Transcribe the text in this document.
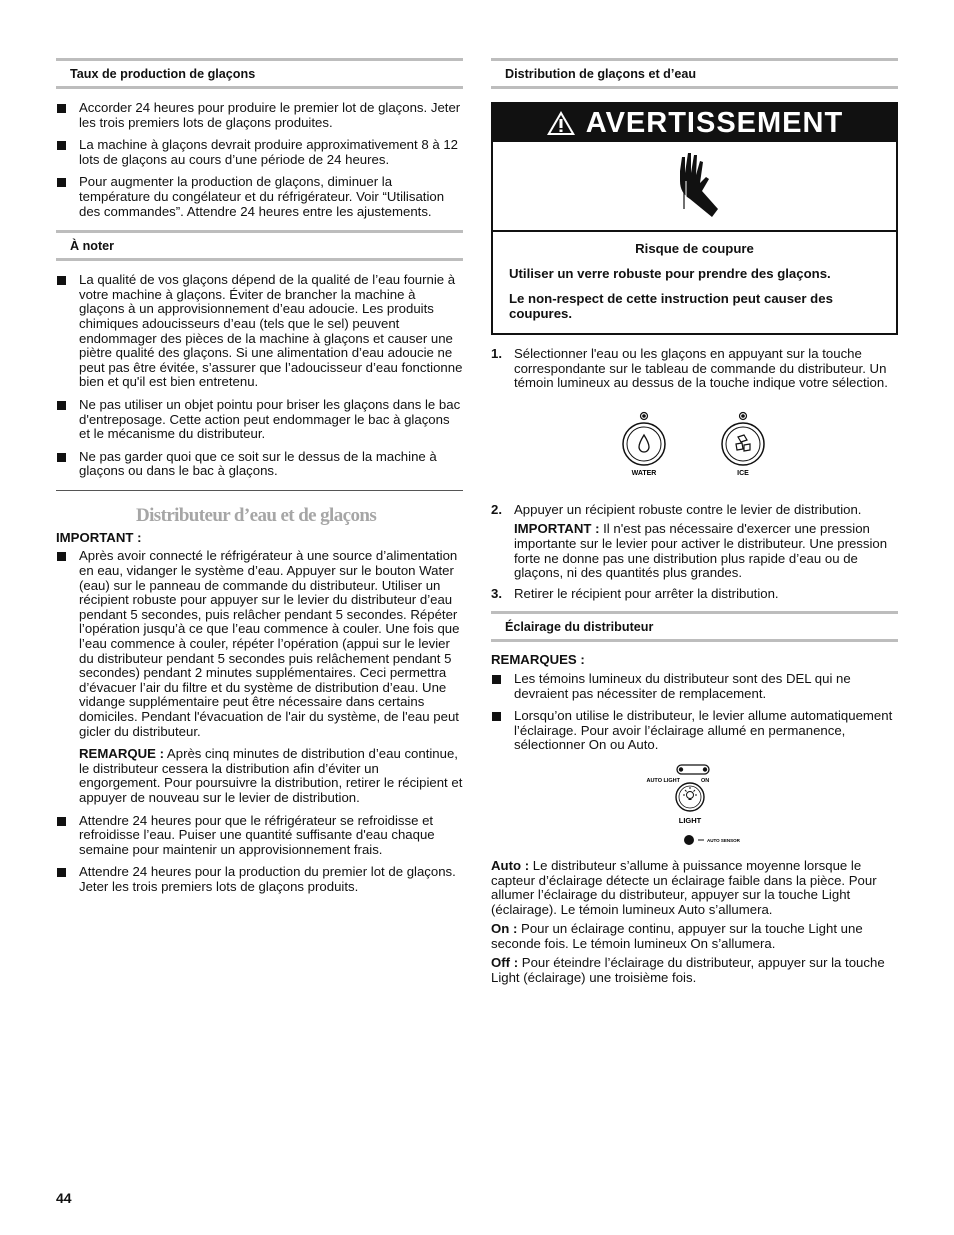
Taux de production de glaçons
Accorder 24 heures pour produire le premier lot de glaçons. Jeter les trois premiers lots de glaçons produites.
La machine à glaçons devrait produire approximativement 8 à 12 lots de glaçons au cours d’une période de 24 heures.
Pour augmenter la production de glaçons, diminuer la température du congélateur et du réfrigérateur. Voir “Utilisation des commandes”. Attendre 24 heures entre les ajustements.
À noter
La qualité de vos glaçons dépend de la qualité de l’eau fournie à votre machine à glaçons. Éviter de brancher la machine à glaçons à un approvisionnement d’eau adoucie. Les produits chimiques adoucisseurs d’eau (tels que le sel) peuvent endommager des pièces de la machine à glaçons et causer une piètre qualité des glaçons. Si une alimentation d’eau adoucie ne peut pas être évitée, s’assurer que l’adoucisseur d’eau fonctionne bien et qu'il est bien entretenu.
Ne pas utiliser un objet pointu pour briser les glaçons dans le bac d'entreposage. Cette action peut endommager le bac à glaçons et le mécanisme du distributeur.
Ne pas garder quoi que ce soit sur le dessus de la machine à glaçons ou dans le bac à glaçons.
Distributeur d’eau et de glaçons
IMPORTANT :
Après avoir connecté le réfrigérateur à une source d’alimentation en eau, vidanger le système d’eau. Appuyer sur le bouton Water (eau) sur le panneau de commande du distributeur. Utiliser un récipient robuste pour appuyer sur le levier du distributeur d’eau pendant 5 secondes, puis relâcher pendant 5 secondes. Répéter l’opération jusqu’à ce que l’eau commence à couler. Une fois que l’eau commence à couler, répéter l’opération (appui sur le levier du distributeur pendant 5 secondes puis relâchement pendant 5 secondes) pendant 2 minutes supplémentaires. Ceci permettra d’évacuer l’air du filtre et du système de distribution d’eau. Une vidange supplémentaire peut être nécessaire dans certains domiciles. Pendant l'évacuation de l'air du système, de l'eau peut gicler du distributeur.

REMARQUE : Après cinq minutes de distribution d’eau continue, le distributeur cessera la distribution afin d’éviter un engorgement. Pour poursuivre la distribution, retirer le récipient et appuyer de nouveau sur le levier de distribution.

Attendre 24 heures pour que le réfrigérateur se refroidisse et refroidisse l’eau. Puiser une quantité suffisante d'eau chaque semaine pour maintenir un approvisionnement frais.
Attendre 24 heures pour la production du premier lot de glaçons. Jeter les trois premiers lots de glaçons produits.
Distribution de glaçons et d’eau
AVERTISSEMENT

Risque de coupure

Utiliser un verre robuste pour prendre des glaçons.

Le non-respect de cette instruction peut causer des coupures.

1. Sélectionner l'eau ou les glaçons en appuyant sur la touche correspondante sur le tableau de commande du distributeur. Un témoin lumineux au dessus de la touche indique votre sélection.
WATER	ICE
2. Appuyer un récipient robuste contre le levier de distribution.

IMPORTANT : Il n'est pas nécessaire d'exercer une pression importante sur le levier pour activer le distributeur. Une pression forte ne donne pas une distribution plus rapide d’eau ou de glaçons, ni des quantités plus grandes.

3. Retirer le récipient pour arrêter la distribution.
Éclairage du distributeur
REMARQUES :
Les témoins lumineux du distributeur sont des DEL qui ne devraient pas nécessiter de remplacement.
Lorsqu’on utilise le distributeur, le levier allume automatiquement l’éclairage. Pour avoir l’éclairage allumé en permanence, sélectionner On ou Auto.
AUTO LIGHT	ON
LIGHT
AUTO SENSOR

Auto : Le distributeur s’allume à puissance moyenne lorsque le capteur d’éclairage détecte un éclairage faible dans la pièce. Pour allumer l’éclairage du distributeur, appuyer sur la touche Light (éclairage). Le témoin lumineux Auto s’allumera.

On : Pour un éclairage continu, appuyer sur la touche Light une seconde fois. Le témoin lumineux On s’allumera.

Off : Pour éteindre l’éclairage du distributeur, appuyer sur la touche Light (éclairage) une troisième fois.

44
